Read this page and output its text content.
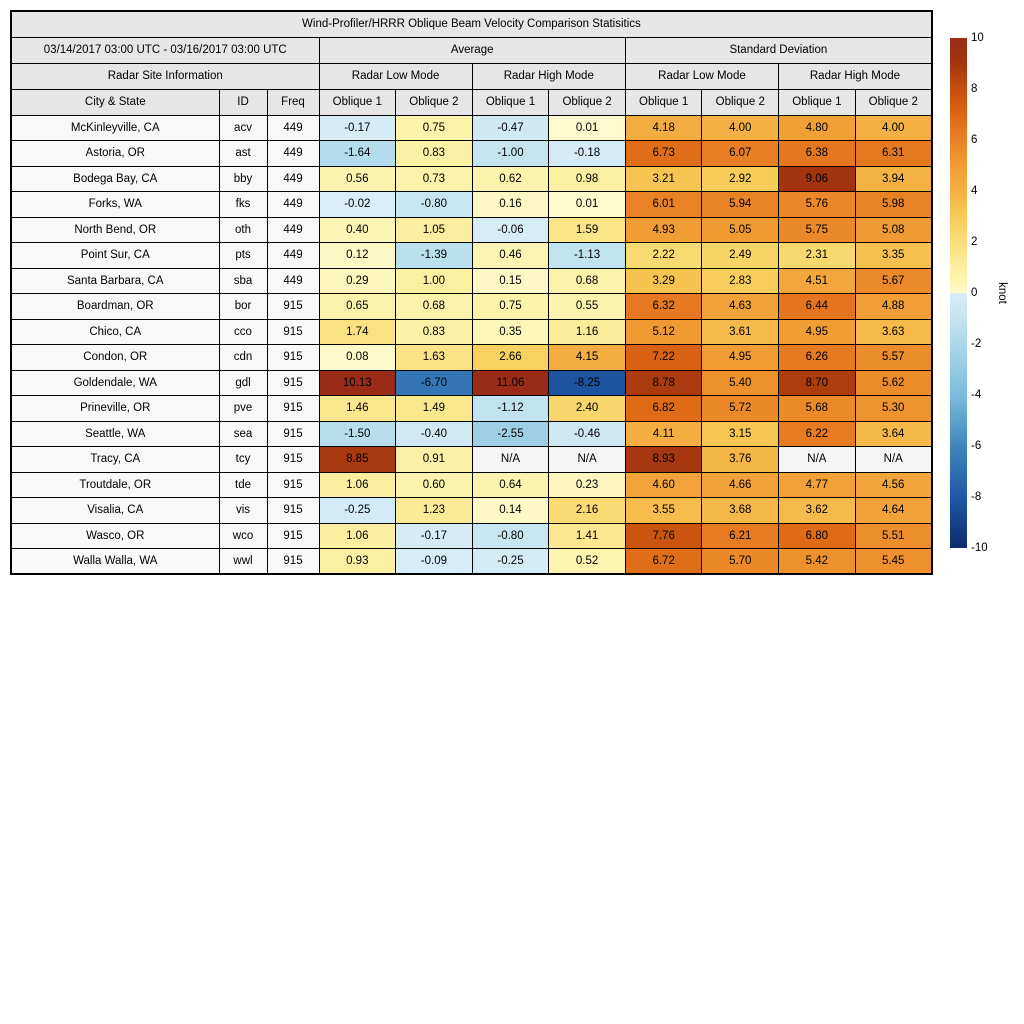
Wind-Profiler/HRRR Oblique Beam Velocity Comparison Statisitics										
03/14/2017 03:00 UTC - 03/16/2017 03:00 UTC			Average				Standard Deviation			
Radar Site Information			Radar Low Mode		Radar High Mode		Radar Low Mode		Radar High Mode	
City & State	ID	Freq	Oblique 1	Oblique 2	Oblique 1	Oblique 2	Oblique 1	Oblique 2	Oblique 1	Oblique 2
McKinleyville, CA	acv	449	-0.17	0.75	-0.47	0.01	4.18	4.00	4.80	4.00
Astoria, OR	ast	449	-1.64	0.83	-1.00	-0.18	6.73	6.07	6.38	6.31
Bodega Bay, CA	bby	449	0.56	0.73	0.62	0.98	3.21	2.92	9.06	3.94
Forks, WA	fks	449	-0.02	-0.80	0.16	0.01	6.01	5.94	5.76	5.98
North Bend, OR	oth	449	0.40	1.05	-0.06	1.59	4.93	5.05	5.75	5.08
Point Sur, CA	pts	449	0.12	-1.39	0.46	-1.13	2.22	2.49	2.31	3.35
Santa Barbara, CA	sba	449	0.29	1.00	0.15	0.68	3.29	2.83	4.51	5.67
Boardman, OR	bor	915	0.65	0.68	0.75	0.55	6.32	4.63	6.44	4.88
Chico, CA	cco	915	1.74	0.83	0.35	1.16	5.12	3.61	4.95	3.63
Condon, OR	cdn	915	0.08	1.63	2.66	4.15	7.22	4.95	6.26	5.57
Goldendale, WA	gdl	915	10.13	-6.70	11.06	-8.25	8.78	5.40	8.70	5.62
Prineville, OR	pve	915	1.46	1.49	-1.12	2.40	6.82	5.72	5.68	5.30
Seattle, WA	sea	915	-1.50	-0.40	-2.55	-0.46	4.11	3.15	6.22	3.64
Tracy, CA	tcy	915	8.85	0.91	N/A	N/A	8.93	3.76	N/A	N/A
Troutdale, OR	tde	915	1.06	0.60	0.64	0.23	4.60	4.66	4.77	4.56
Visalia, CA	vis	915	-0.25	1.23	0.14	2.16	3.55	3.68	3.62	4.64
Wasco, OR	wco	915	1.06	-0.17	-0.80	1.41	7.76	6.21	6.80	5.51
Walla Walla, WA	wwl	915	0.93	-0.09	-0.25	0.52	6.72	5.70	5.42	5.45
10
8
6
4
2
0
-2
-4
-6
-8
-10
knot
